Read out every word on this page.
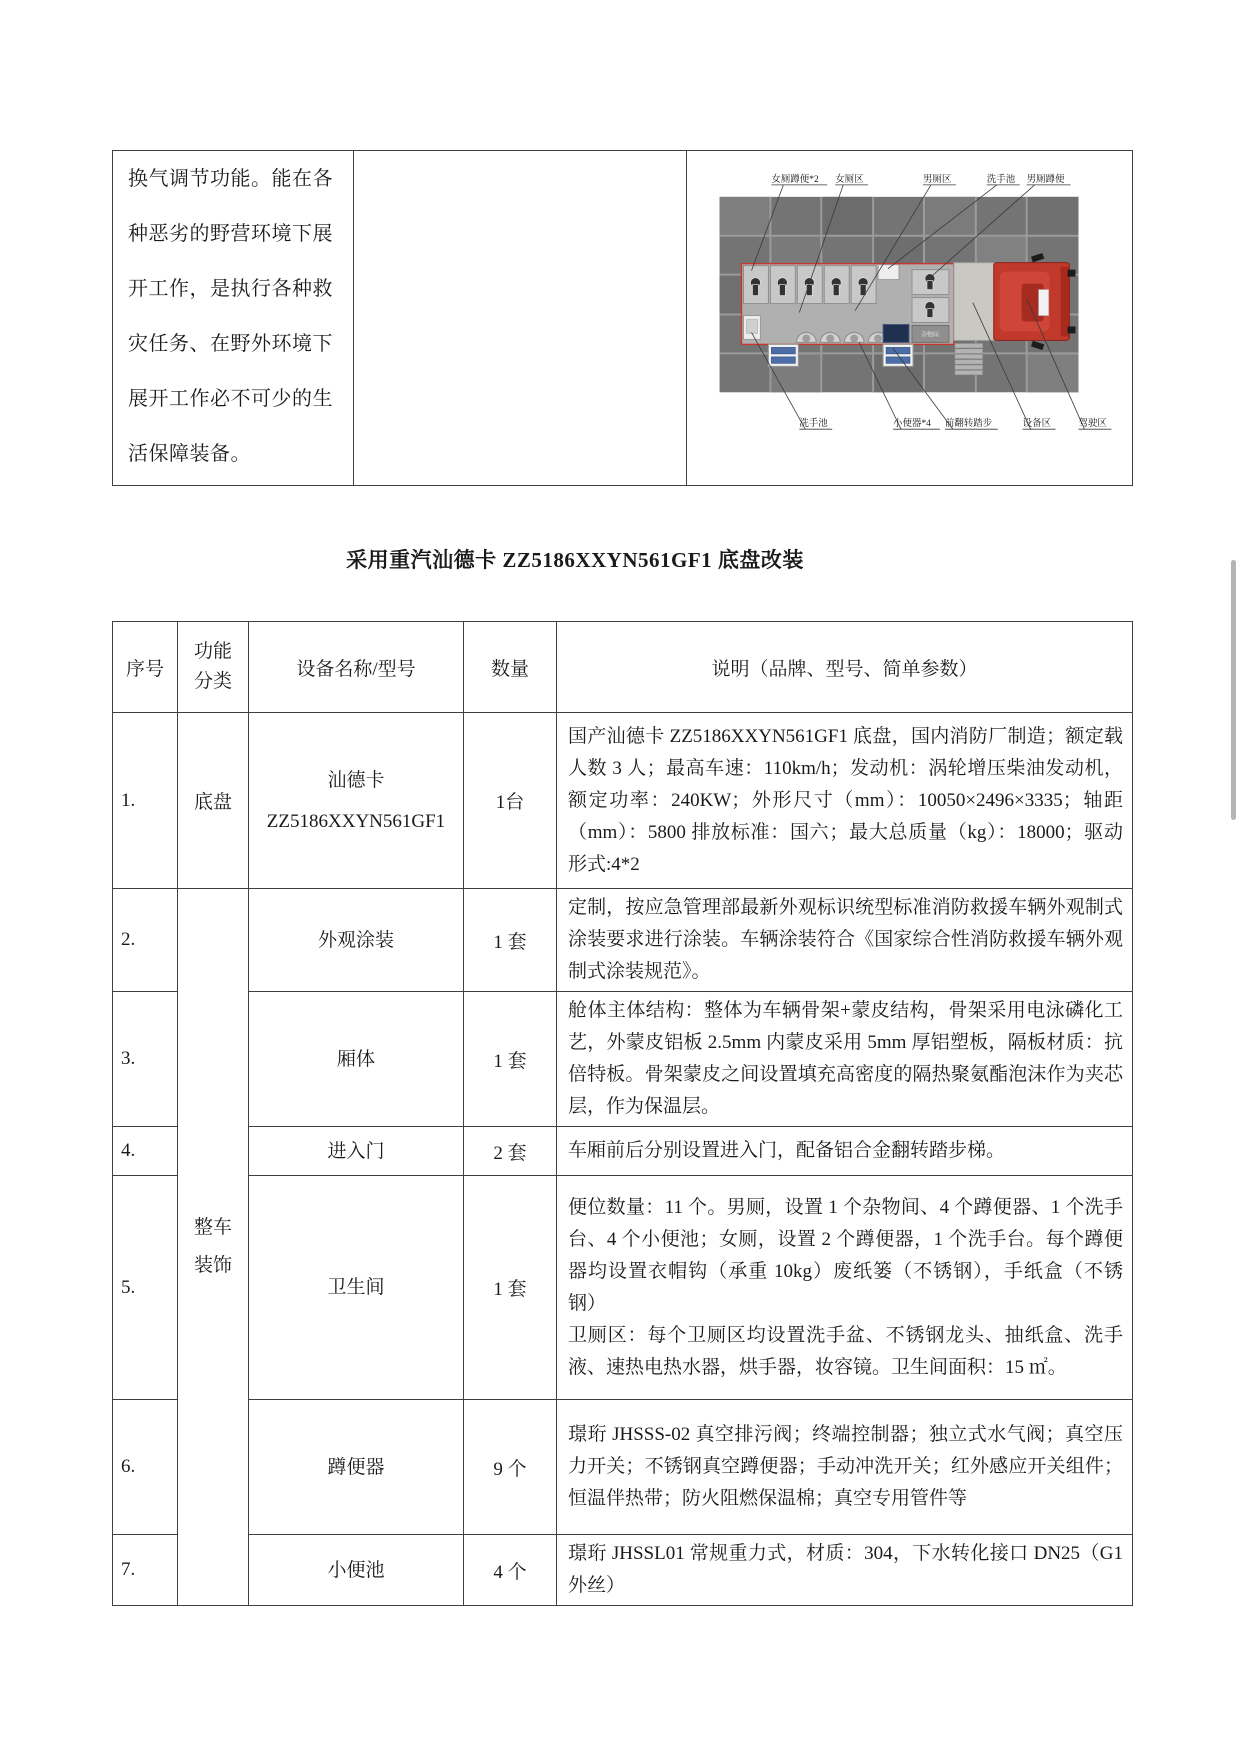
换气调节功能。能在各种恶劣的野营环境下展开工作，是执行各种救灾任务、在野外环境下展开工作必不可少的生活保障装备。		
杂物间
女厕蹲便*2 女厕区	男厕区	洗手池 男厕蹲便
洗手池	小便器*4 前翻转踏步	设备区	驾驶区
采用重汽汕德卡 ZZ5186XXYN561GF1 底盘改装
序号	功能分类	设备名称/型号	数量	说明（品牌、型号、简单参数）
1.	底盘	汕德卡
ZZ5186XXYN561GF1	1台	国产汕德卡 ZZ5186XXYN561GF1 底盘，国内消防厂制造；额定载人数 3 人；最高车速：110km/h；发动机：涡轮增压柴油发动机，额定功率：240KW；外形尺寸（mm）：10050×2496×3335；轴距（mm）：5800 排放标准：国六；最大总质量（kg）：18000；驱动形式:4*2

2.	整车装饰	外观涂装	1 套	定制，按应急管理部最新外观标识统型标准消防救援车辆外观制式涂装要求进行涂装。车辆涂装符合《国家综合性消防救援车辆外观制式涂装规范》。

3.		厢体	1 套	舱体主体结构：整体为车辆骨架+蒙皮结构，骨架采用电泳磷化工艺，外蒙皮铝板 2.5mm 内蒙皮采用 5mm 厚铝塑板，隔板材质：抗倍特板。骨架蒙皮之间设置填充高密度的隔热聚氨酯泡沫作为夹芯层，作为保温层。

4.		进入门	2 套	车厢前后分别设置进入门，配备铝合金翻转踏步梯。

5.		卫生间	1 套	便位数量：11 个。男厕，设置 1 个杂物间、4 个蹲便器、1 个洗手台、4 个小便池；女厕，设置 2 个蹲便器，1 个洗手台。每个蹲便器均设置衣帽钩（承重 10kg）废纸篓（不锈钢），手纸盒（不锈钢）
卫厕区：每个卫厕区均设置洗手盆、不锈钢龙头、抽纸盒、洗手液、速热电热水器，烘手器，妆容镜。卫生间面积：15 ㎡。

6.		蹲便器	9 个	璟珩 JHSSS-02 真空排污阀；终端控制器；独立式水气阀；真空压力开关；不锈钢真空蹲便器；手动冲洗开关；红外感应开关组件；恒温伴热带；防火阻燃保温棉；真空专用管件等

7.		小便池	4 个	璟珩 JHSSL01 常规重力式，材质：304，下水转化接口 DN25（G1 外丝）
